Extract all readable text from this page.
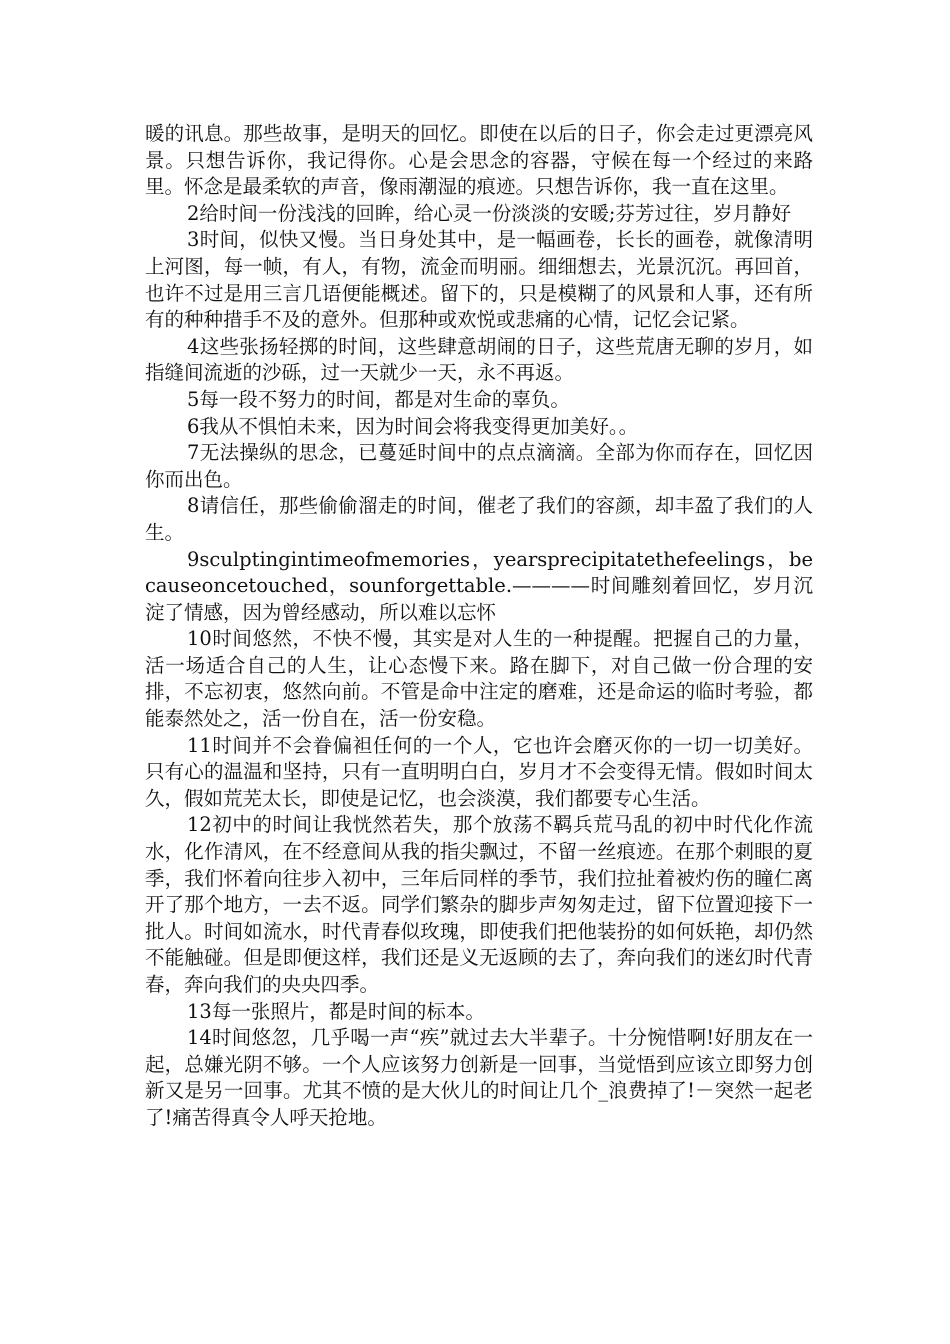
暖的讯息。那些故事，是明天的回忆。即使在以后的日子，你会走过更漂亮风景。只想告诉你，我记得你。心是会思念的容器，守候在每一个经过的来路里。怀念是最柔软的声音，像雨潮湿的痕迹。只想告诉你，我一直在这里。

2给时间一份浅浅的回眸，给心灵一份淡淡的安暖;芬芳过往，岁月静好

3时间，似快又慢。当日身处其中，是一幅画卷，长长的画卷，就像清明上河图，每一帧，有人，有物，流金而明丽。细细想去，光景沉沉。再回首，也许不过是用三言几语便能概述。留下的，只是模糊了的风景和人事，还有所有的种种措手不及的意外。但那种或欢悦或悲痛的心情，记忆会记紧。

4这些张扬轻掷的时间，这些肆意胡闹的日子，这些荒唐无聊的岁月，如指缝间流逝的沙砾，过一天就少一天，永不再返。

5每一段不努力的时间，都是对生命的辜负。

6我从不惧怕未来，因为时间会将我变得更加美好。。

7无法操纵的思念，已蔓延时间中的点点滴滴。全部为你而存在，回忆因你而出色。

8请信任，那些偷偷溜走的时间，催老了我们的容颜，却丰盈了我们的人生。

9sculptingintimeofmemories，yearsprecipitatethefeelings，becauseoncetouched，sounforgettable.————时间雕刻着回忆，岁月沉淀了情感，因为曾经感动，所以难以忘怀

10时间悠然，不快不慢，其实是对人生的一种提醒。把握自己的力量，活一场适合自己的人生，让心态慢下来。路在脚下，对自己做一份合理的安排，不忘初衷，悠然向前。不管是命中注定的磨难，还是命运的临时考验，都能泰然处之，活一份自在，活一份安稳。

11时间并不会眷偏袒任何的一个人，它也许会磨灭你的一切一切美好。只有心的温温和坚持，只有一直明明白白，岁月才不会变得无情。假如时间太久，假如荒芜太长，即使是记忆，也会淡漠，我们都要专心生活。

12初中的时间让我恍然若失，那个放荡不羁兵荒马乱的初中时代化作流水，化作清风，在不经意间从我的指尖飘过，不留一丝痕迹。在那个刺眼的夏季，我们怀着向往步入初中，三年后同样的季节，我们拉扯着被灼伤的瞳仁离开了那个地方，一去不返。同学们繁杂的脚步声匆匆走过，留下位置迎接下一批人。时间如流水，时代青春似玫瑰，即使我们把他装扮的如何妖艳，却仍然不能触碰。但是即便这样，我们还是义无返顾的去了，奔向我们的迷幻时代青春，奔向我们的央央四季。

13每一张照片，都是时间的标本。

14时间悠忽，几乎喝一声“疾”就过去大半辈子。十分惋惜啊!好朋友在一起，总嫌光阴不够。一个人应该努力创新是一回事，当觉悟到应该立即努力创新又是另一回事。尤其不愤的是大伙儿的时间让几个_浪费掉了!－突然一起老了!痛苦得真令人呼天抢地。
